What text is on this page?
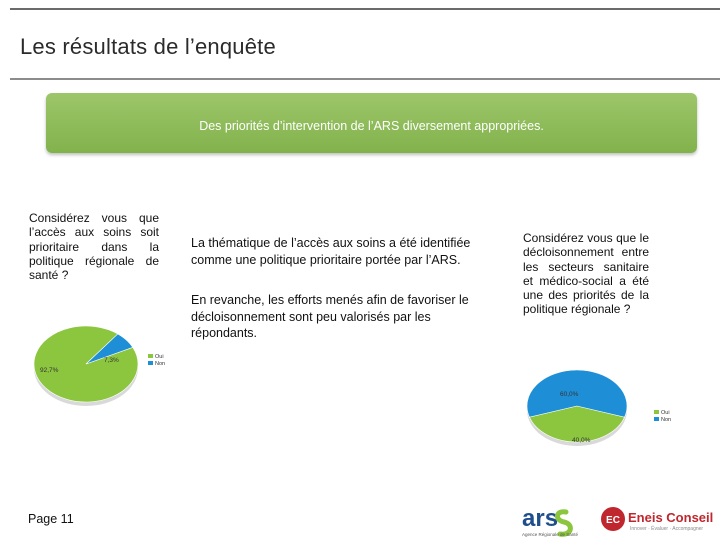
Les résultats de l’enquête
Des priorités d’intervention de l’ARS diversement appropriées.
Considérez vous que l’accès aux soins soit prioritaire dans la politique régionale de santé ?

La thématique de l’accès aux soins a été identifiée comme une politique prioritaire portée par l’ARS.

En revanche, les efforts menés afin de favoriser le décloisonnement sont peu valorisés par les répondants.

Considérez vous que le décloisonnement entre les secteurs sanitaire et médico-social a été une des priorités de la politique régionale ?
92,7%
7,3%	Oui
Non
40,0%
60,0%
Oui
Non
Page 11	ars
Agence Régionale de Santé
EC Eneis Conseil
Innover · Évaluer · Accompagner
